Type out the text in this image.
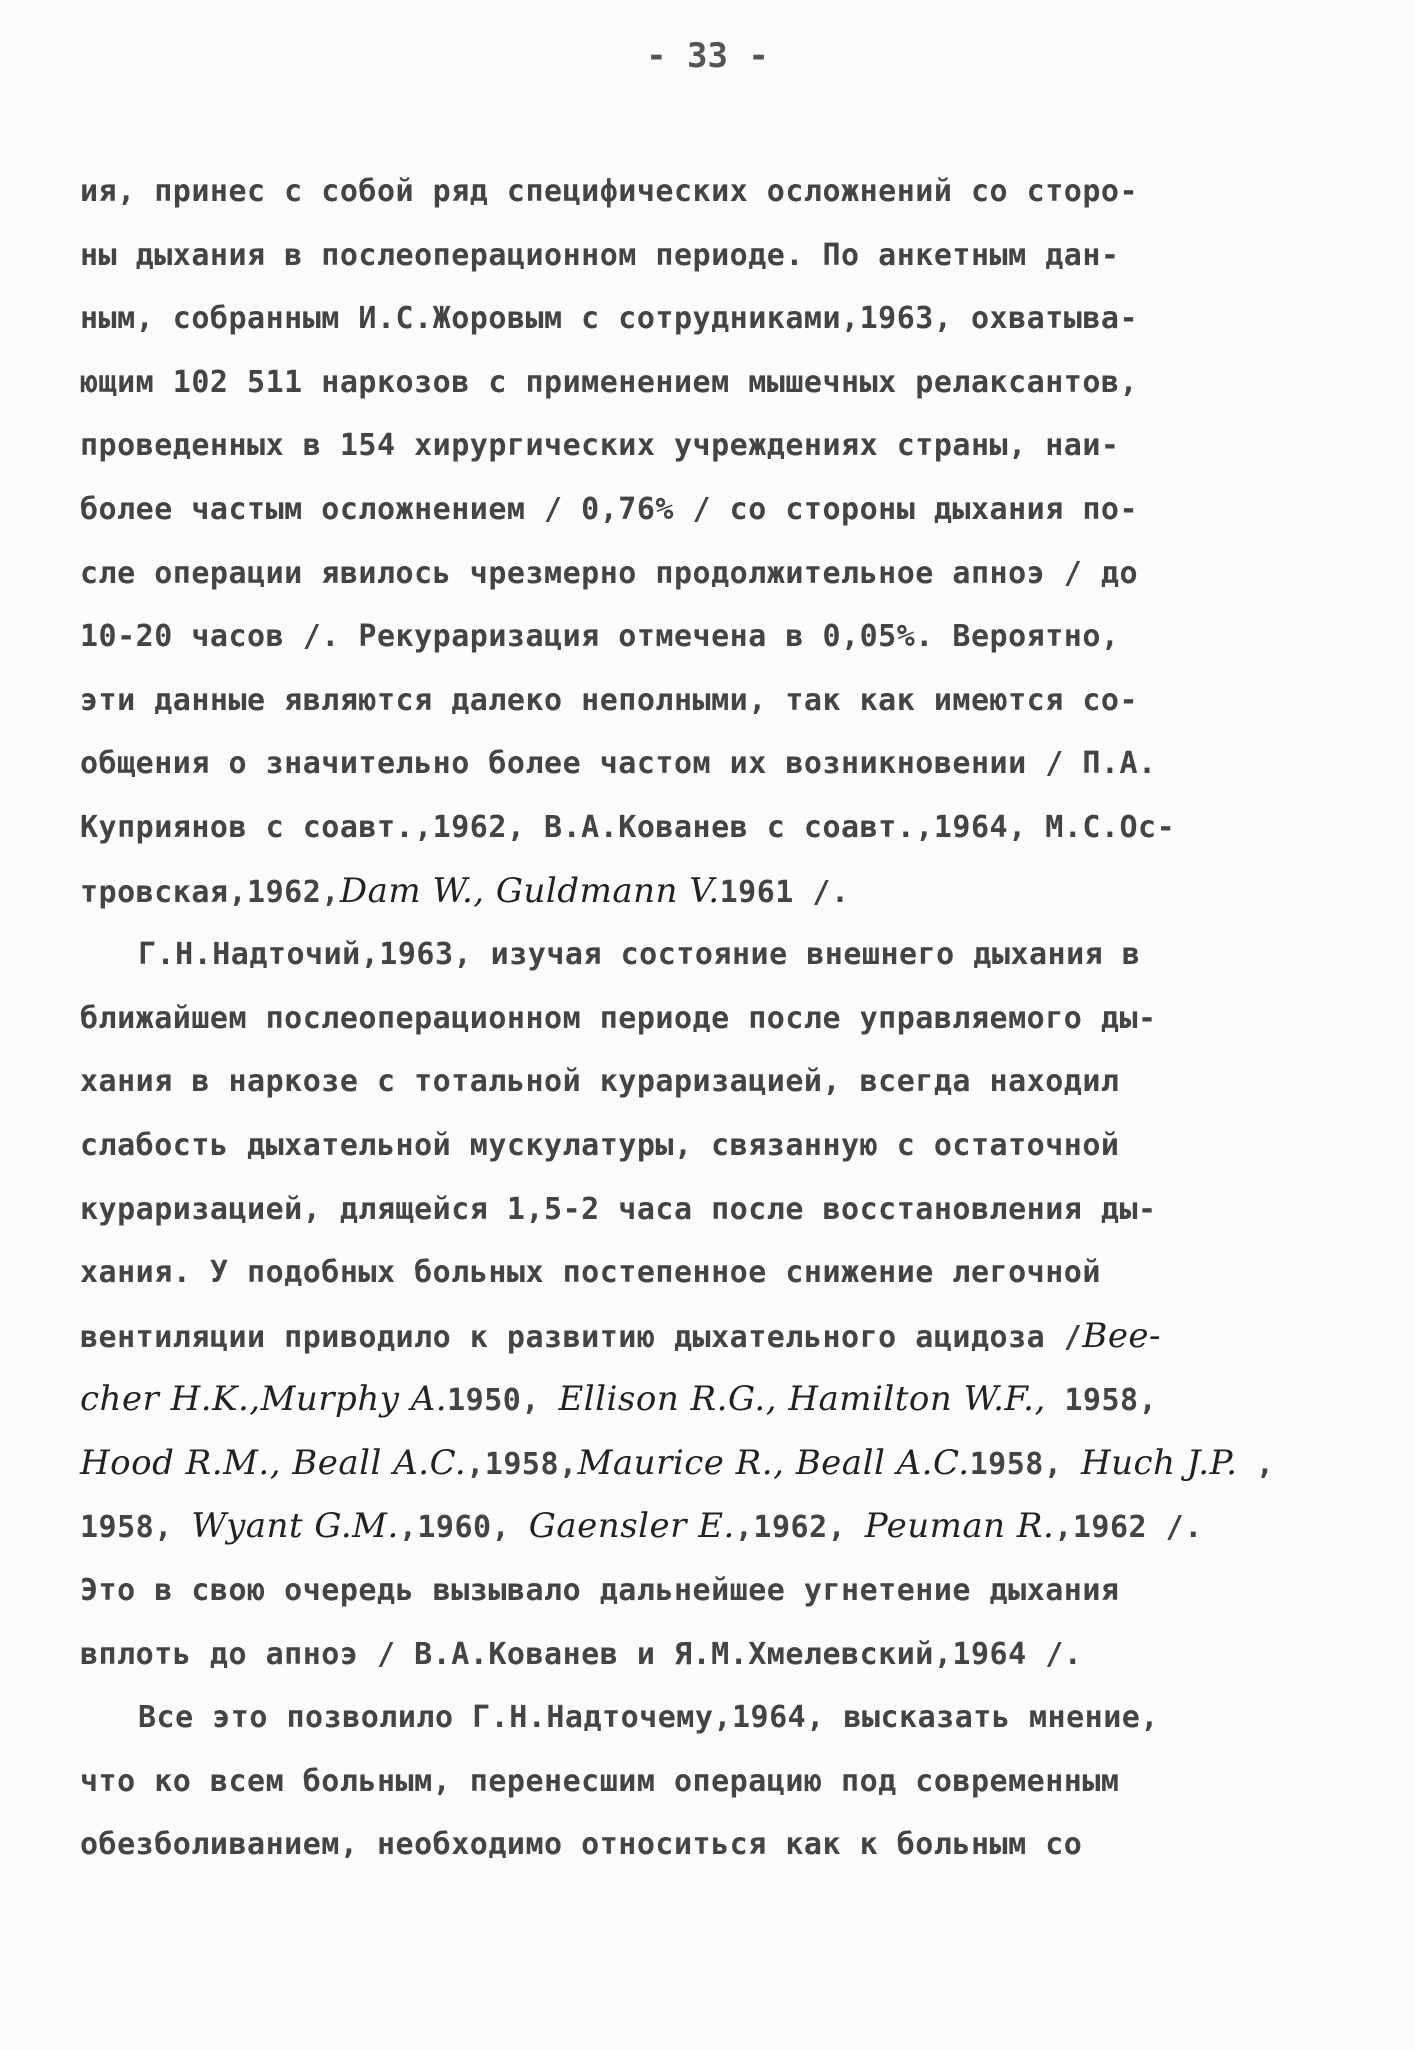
- 33 -
ия, принес с собой ряд специфических осложнений со сторо-
ны дыхания в послеоперационном периоде. По анкетным дан-
ным, собранным И.С.Жоровым с сотрудниками,1963, охватыва-
ющим 102 511 наркозов с применением мышечных релаксантов,
проведенных в 154 хирургических учреждениях страны, наи-
более частым осложнением / 0,76% / со стороны дыхания по-
сле операции явилось чрезмерно продолжительное апноэ / до
10-20 часов /. Рекураризация отмечена в 0,05%. Вероятно,
эти данные являются далеко неполными, так как имеются со-
общения о значительно более частом их возникновении / П.А.
Куприянов с соавт.,1962, В.А.Кованев с соавт.,1964, М.С.Ос-
тровская,1962,Dam W., Guldmann V.1961 /.
Г.Н.Надточий,1963, изучая состояние внешнего дыхания в
ближайшем послеоперационном периоде после управляемого ды-
хания в наркозе с тотальной кураризацией, всегда находил
слабость дыхательной мускулатуры, связанную с остаточной
кураризацией, длящейся 1,5-2 часа после восстановления ды-
хания. У подобных больных постепенное снижение легочной
вентиляции приводило к развитию дыхательного ацидоза /Bee-
cher H.K.,Murphy A.1950, Ellison R.G., Hamilton W.F., 1958,
Hood R.M., Beall A.C.,1958,Maurice R., Beall A.C.1958, Huch J.P. ,
1958, Wyant G.M.,1960, Gaensler E.,1962, Peuman R.,1962 /.
Это в свою очередь вызывало дальнейшее угнетение дыхания
вплоть до апноэ / В.А.Кованев и Я.М.Хмелевский,1964 /.
Все это позволило Г.Н.Надточему,1964, высказать мнение,
что ко всем больным, перенесшим операцию под современным
обезболиванием, необходимо относиться как к больным со
